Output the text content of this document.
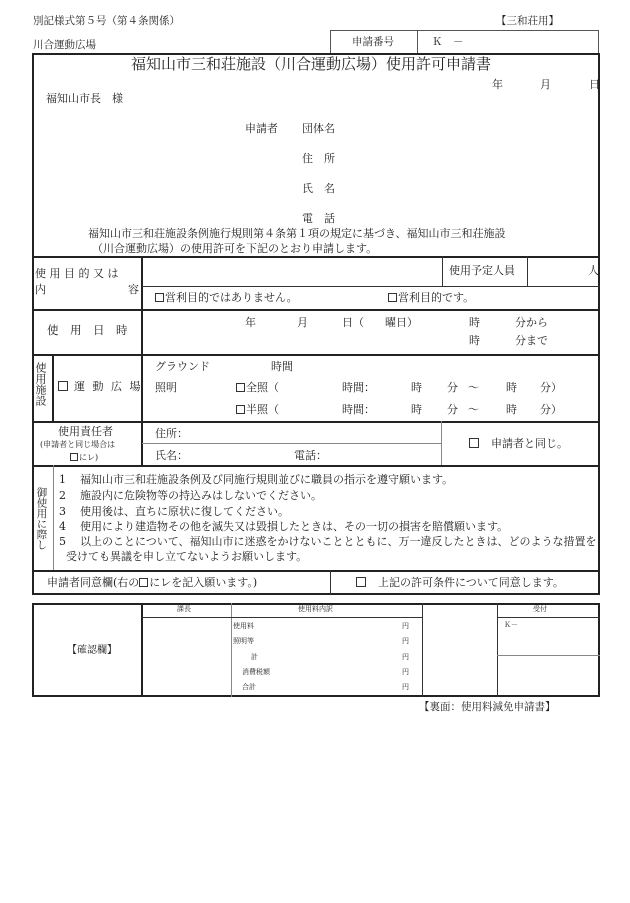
別記様式第５号（第４条関係）	【三和荘用】
川合運動広場	申請番号	Ｋ　－
福知山市三和荘施設（川合運動広場）使用許可申請書
年	月	日
福知山市長　様
申請者 団体名
住　所
氏　名
電　話
福知山市三和荘施設条例施行規則第４条第１項の規定に基づき、福知山市三和荘施設
（川合運動広場）の使用許可を下記のとおり申請します。
使 用 目 的 又 は
内	容
使用予定人員	人
営利目的ではありません。	営利目的です。
使　用　日　時
年	月	日（ 曜日）	時	分から
時	分まで
使用施設	運 動 広 場
グラウンド	時間
照明	全照（	時間：	時 分 ～ 時 分）
半照（	時間：	時 分 ～ 時 分）
使用責任者
(申請者と同じ場合は
にレ)
住所：
氏名：	電話：
申請者と同じ。
御使用に際し
1 福知山市三和荘施設条例及び同施行規則並びに職員の指示を遵守願います。
2 施設内に危険物等の持込みはしないでください。
3 使用後は、直ちに原状に復してください。
4 使用により建造物その他を滅失又は毀損したときは、その一切の損害を賠償願います。
5 以上のことについて、福知山市に迷惑をかけないこととともに、万一違反したときは、どのような措置を
受けても異議を申し立てないようお願いします。
申請者同意欄(右の にレを記入願います。)	上記の許可条件について同意します。
【確認欄】
課長	使用料内訳	受付
Ｋ－
使用料	円
照明等	円
計	円
消費税額	円
合計	円
【裏面：使用料減免申請書】
